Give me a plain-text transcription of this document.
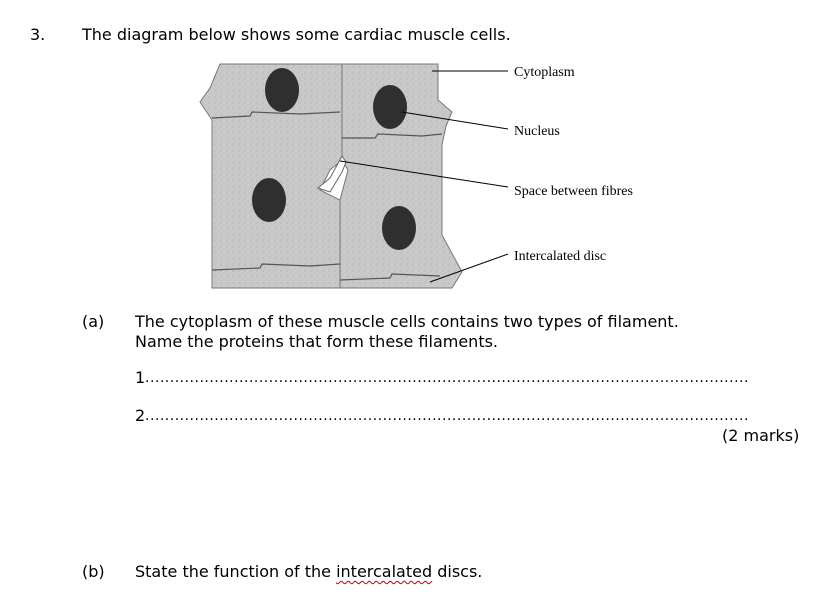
3. The diagram below shows some cardiac muscle cells.
Cytoplasm
Nucleus
Space between fibres
Intercalated disc
(a) The cytoplasm of these muscle cells contains two types of filament.
Name the proteins that form these filaments.
1 ..........................................................................................................................
2 ..........................................................................................................................
(2 marks)
(b) State the function of the intercalated discs.
